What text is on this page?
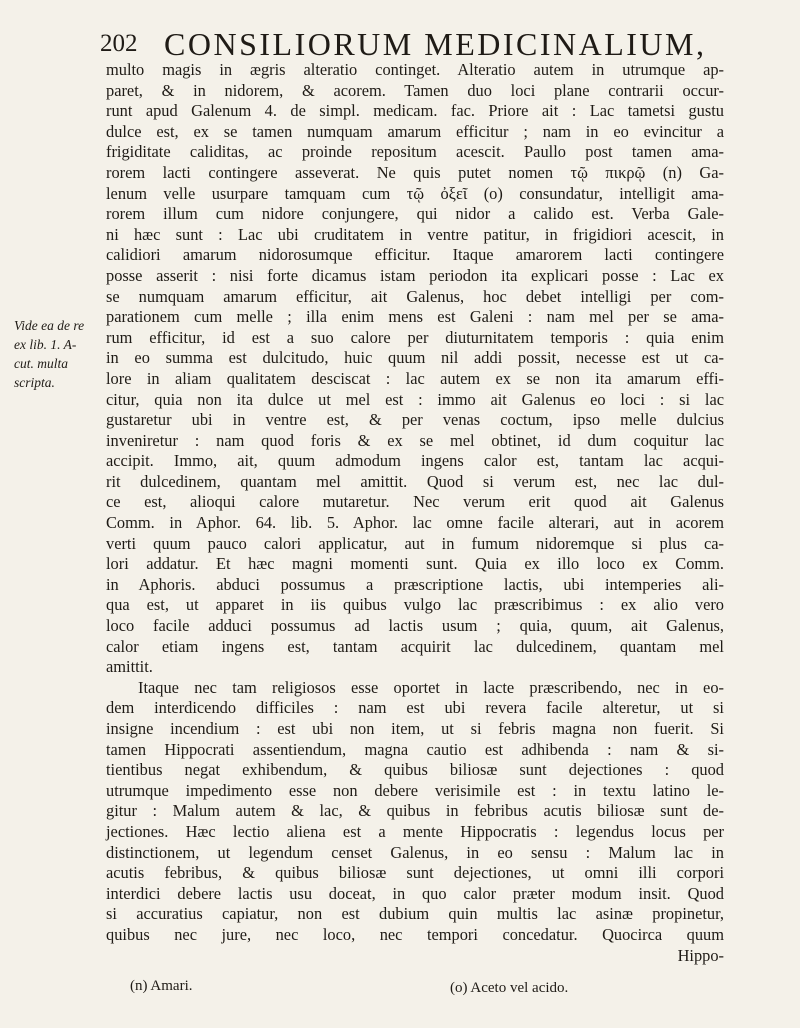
202 CONSILIORUM MEDICINALIUM,
Vide ea de re
ex lib. 1. A-
cut. multa
scripta.
multo magis in ægris alteratio continget. Alteratio autem in utrumque ap-
paret, & in nidorem, & acorem. Tamen duo loci plane contrarii occur-
runt apud Galenum 4. de simpl. medicam. fac. Priore ait : Lac tametsi gustu
dulce est, ex se tamen numquam amarum efficitur ; nam in eo evincitur a
frigiditate caliditas, ac proinde repositum acescit. Paullo post tamen ama-
rorem lacti contingere asseverat. Ne quis putet nomen τῷ πικρῷ (n) Ga-
lenum velle usurpare tamquam cum τῷ ὀξεῖ (o) consundatur, intelligit ama-
rorem illum cum nidore conjungere, qui nidor a calido est. Verba Gale-
ni hæc sunt : Lac ubi cruditatem in ventre patitur, in frigidiori acescit, in
calidiori amarum nidorosumque efficitur. Itaque amarorem lacti contingere
posse asserit : nisi forte dicamus istam periodon ita explicari posse : Lac ex
se numquam amarum efficitur, ait Galenus, hoc debet intelligi per com-
parationem cum melle ; illa enim mens est Galeni : nam mel per se ama-
rum efficitur, id est a suo calore per diuturnitatem temporis : quia enim
in eo summa est dulcitudo, huic quum nil addi possit, necesse est ut ca-
lore in aliam qualitatem desciscat : lac autem ex se non ita amarum effi-
citur, quia non ita dulce ut mel est : immo ait Galenus eo loci : si lac
gustaretur ubi in ventre est, & per venas coctum, ipso melle dulcius
inveniretur : nam quod foris & ex se mel obtinet, id dum coquitur lac
accipit. Immo, ait, quum admodum ingens calor est, tantam lac acqui-
rit dulcedinem, quantam mel amittit. Quod si verum est, nec lac dul-
ce est, alioqui calore mutaretur. Nec verum erit quod ait Galenus
Comm. in Aphor. 64. lib. 5. Aphor. lac omne facile alterari, aut in acorem
verti quum pauco calori applicatur, aut in fumum nidoremque si plus ca-
lori addatur. Et hæc magni momenti sunt. Quia ex illo loco ex Comm.
in Aphoris. abduci possumus a præscriptione lactis, ubi intemperies ali-
qua est, ut apparet in iis quibus vulgo lac præscribimus : ex alio vero
loco facile adduci possumus ad lactis usum ; quia, quum, ait Galenus,
calor etiam ingens est, tantam acquirit lac dulcedinem, quantam mel
amittit.
Itaque nec tam religiosos esse oportet in lacte præscribendo, nec in eo-
dem interdicendo difficiles : nam est ubi revera facile alteretur, ut si
insigne incendium : est ubi non item, ut si febris magna non fuerit. Si
tamen Hippocrati assentiendum, magna cautio est adhibenda : nam & si-
tientibus negat exhibendum, & quibus biliosæ sunt dejectiones : quod
utrumque impedimento esse non debere verisimile est : in textu latino le-
gitur : Malum autem & lac, & quibus in febribus acutis biliosæ sunt de-
jectiones. Hæc lectio aliena est a mente Hippocratis : legendus locus per
distinctionem, ut legendum censet Galenus, in eo sensu : Malum lac in
acutis febribus, & quibus biliosæ sunt dejectiones, ut omni illi corpori
interdici debere lactis usu doceat, in quo calor præter modum insit. Quod
si accuratius capiatur, non est dubium quin multis lac asinæ propinetur,
quibus nec jure, nec loco, nec tempori concedatur. Quocirca quum
Hippo-
(n) Amari.	(o) Aceto vel acido.
